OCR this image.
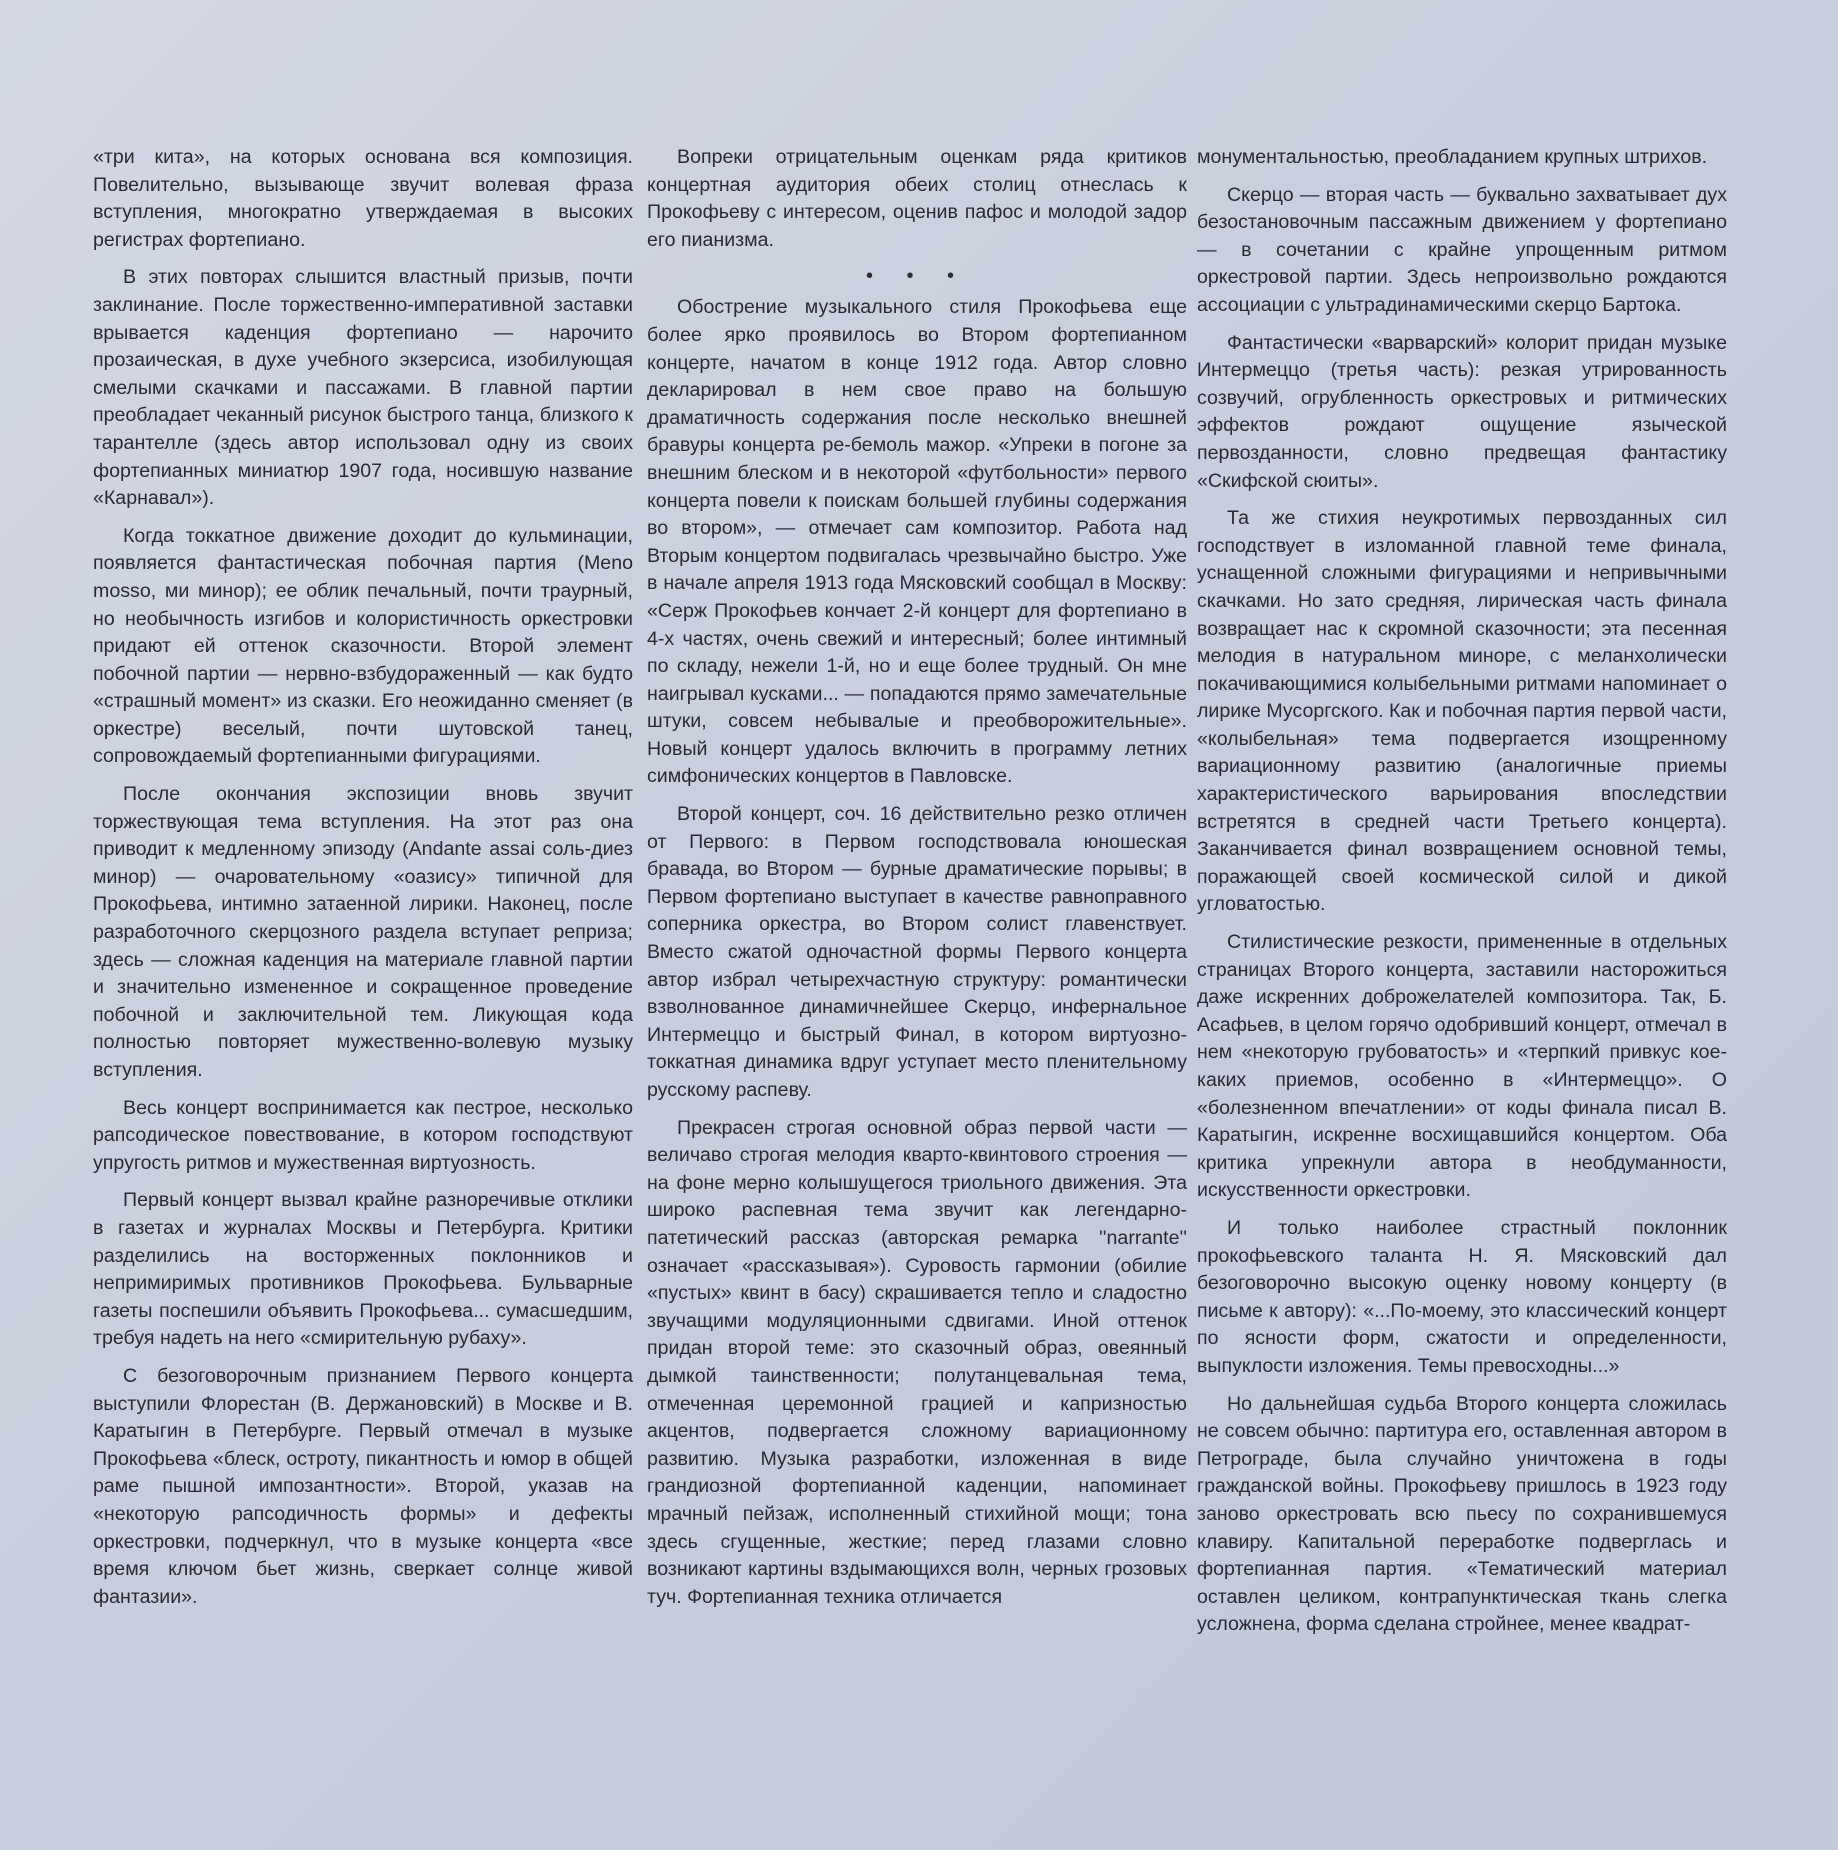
«три кита», на которых основана вся композиция. Повелительно, вызывающе звучит волевая фраза вступления, многократно утверждаемая в высоких регистрах фортепиано.

В этих повторах слышится властный призыв, почти заклинание. После торжественно-императивной заставки врывается каденция фортепиано — нарочито прозаическая, в духе учебного экзерсиса, изобилующая смелыми скачками и пассажами. В главной партии преобладает чеканный рисунок быстрого танца, близкого к тарантелле (здесь автор использовал одну из своих фортепианных миниатюр 1907 года, носившую название «Карнавал»).

Когда токкатное движение доходит до кульминации, появляется фантастическая побочная партия (Meno mosso, ми минор); ее облик печальный, почти траурный, но необычность изгибов и колористичность оркестровки придают ей оттенок сказочности. Второй элемент побочной партии — нервно-взбудораженный — как будто «страшный момент» из сказки. Его неожиданно сменяет (в оркестре) веселый, почти шутовской танец, сопровождаемый фортепианными фигурациями.

После окончания экспозиции вновь звучит торжествующая тема вступления. На этот раз она приводит к медленному эпизоду (Andante assai соль-диез минор) — очаровательному «оазису» типичной для Прокофьева, интимно затаенной лирики. Наконец, после разработочного скерцозного раздела вступает реприза; здесь — сложная каденция на материале главной партии и значительно измененное и сокращенное проведение побочной и заключительной тем. Ликующая кода полностью повторяет мужественно-волевую музыку вступления.

Весь концерт воспринимается как пестрое, несколько рапсодическое повествование, в котором господствуют упругость ритмов и мужественная виртуозность.

Первый концерт вызвал крайне разноречивые отклики в газетах и журналах Москвы и Петербурга. Критики разделились на восторженных поклонников и непримиримых противников Прокофьева. Бульварные газеты поспешили объявить Прокофьева... сумасшедшим, требуя надеть на него «смирительную рубаху».

С безоговорочным признанием Первого концерта выступили Флорестан (В. Держановский) в Москве и В. Каратыгин в Петербурге. Первый отмечал в музыке Прокофьева «блеск, остроту, пикантность и юмор в общей раме пышной импозантности». Второй, указав на «некоторую рапсодичность формы» и дефекты оркестровки, подчеркнул, что в музыке концерта «все время ключом бьет жизнь, сверкает солнце живой фантазии».

Вопреки отрицательным оценкам ряда критиков концертная аудитория обеих столиц отнеслась к Прокофьеву с интересом, оценив пафос и молодой задор его пианизма.

• • •

Обострение музыкального стиля Прокофьева еще более ярко проявилось во Втором фортепианном концерте, начатом в конце 1912 года. Автор словно декларировал в нем свое право на большую драматичность содержания после несколько внешней бравуры концерта ре-бемоль мажор. «Упреки в погоне за внешним блеском и в некоторой «футбольности» первого концерта повели к поискам большей глубины содержания во втором», — отмечает сам композитор. Работа над Вторым концертом подвигалась чрезвычайно быстро. Уже в начале апреля 1913 года Мясковский сообщал в Москву: «Серж Прокофьев кончает 2-й концерт для фортепиано в 4-х частях, очень свежий и интересный; более интимный по складу, нежели 1-й, но и еще более трудный. Он мне наигрывал кусками... — попадаются прямо замечательные штуки, совсем небывалые и преобворожительные». Новый концерт удалось включить в программу летних симфонических концертов в Павловске.

Второй концерт, соч. 16 действительно резко отличен от Первого: в Первом господствовала юношеская бравада, во Втором — бурные драматические порывы; в Первом фортепиано выступает в качестве равноправного соперника оркестра, во Втором солист главенствует. Вместо сжатой одночастной формы Первого концерта автор избрал четырехчастную структуру: романтически взволнованное динамичнейшее Скерцо, инфернальное Интермеццо и быстрый Финал, в котором виртуозно-токкатная динамика вдруг уступает место пленительному русскому распеву.

Прекрасен строгая основной образ первой части — величаво строгая мелодия кварто-квинтового строения — на фоне мерно колышущегося триольного движения. Эта широко распевная тема звучит как легендарно-патетический рассказ (авторская ремарка ''narrante'' означает «рассказывая»). Суровость гармонии (обилие «пустых» квинт в басу) скрашивается тепло и сладостно звучащими модуляционными сдвигами. Иной оттенок придан второй теме: это сказочный образ, овеянный дымкой таинственности; полутанцевальная тема, отмеченная церемонной грацией и капризностью акцентов, подвергается сложному вариационному развитию. Музыка разработки, изложенная в виде грандиозной фортепианной каденции, напоминает мрачный пейзаж, исполненный стихийной мощи; тона здесь сгущенные, жесткие; перед глазами словно возникают картины вздымающихся волн, черных грозовых туч. Фортепианная техника отличается

монументальностью, преобладанием крупных штрихов.

Скерцо — вторая часть — буквально захватывает дух безостановочным пассажным движением у фортепиано — в сочетании с крайне упрощенным ритмом оркестровой партии. Здесь непроизвольно рождаются ассоциации с ультрадинамическими скерцо Бартока.

Фантастически «варварский» колорит придан музыке Интермеццо (третья часть): резкая утрированность созвучий, огрубленность оркестровых и ритмических эффектов рождают ощущение языческой первозданности, словно предвещая фантастику «Скифской сюиты».

Та же стихия неукротимых первозданных сил господствует в изломанной главной теме финала, уснащенной сложными фигурациями и непривычными скачками. Но зато средняя, лирическая часть финала возвращает нас к скромной сказочности; эта песенная мелодия в натуральном миноре, с меланхолически покачивающимися колыбельными ритмами напоминает о лирике Мусоргского. Как и побочная партия первой части, «колыбельная» тема подвергается изощренному вариационному развитию (аналогичные приемы характеристического варьирования впоследствии встретятся в средней части Третьего концерта). Заканчивается финал возвращением основной темы, поражающей своей космической силой и дикой угловатостью.

Стилистические резкости, примененные в отдельных страницах Второго концерта, заставили насторожиться даже искренних доброжелателей композитора. Так, Б. Асафьев, в целом горячо одобривший концерт, отмечал в нем «некоторую грубоватость» и «терпкий привкус кое-каких приемов, особенно в «Интермеццо». О «болезненном впечатлении» от коды финала писал В. Каратыгин, искренне восхищавшийся концертом. Оба критика упрекнули автора в необдуманности, искусственности оркестровки.

И только наиболее страстный поклонник прокофьевского таланта Н. Я. Мясковский дал безоговорочно высокую оценку новому концерту (в письме к автору): «...По-моему, это классический концерт по ясности форм, сжатости и определенности, выпуклости изложения. Темы превосходны...»

Но дальнейшая судьба Второго концерта сложилась не совсем обычно: партитура его, оставленная автором в Петрограде, была случайно уничтожена в годы гражданской войны. Прокофьеву пришлось в 1923 году заново оркестровать всю пьесу по сохранившемуся клавиру. Капитальной переработке подверглась и фортепианная партия. «Тематический материал оставлен целиком, контрапунктическая ткань слегка усложнена, форма сделана стройнее, менее квадрат-
